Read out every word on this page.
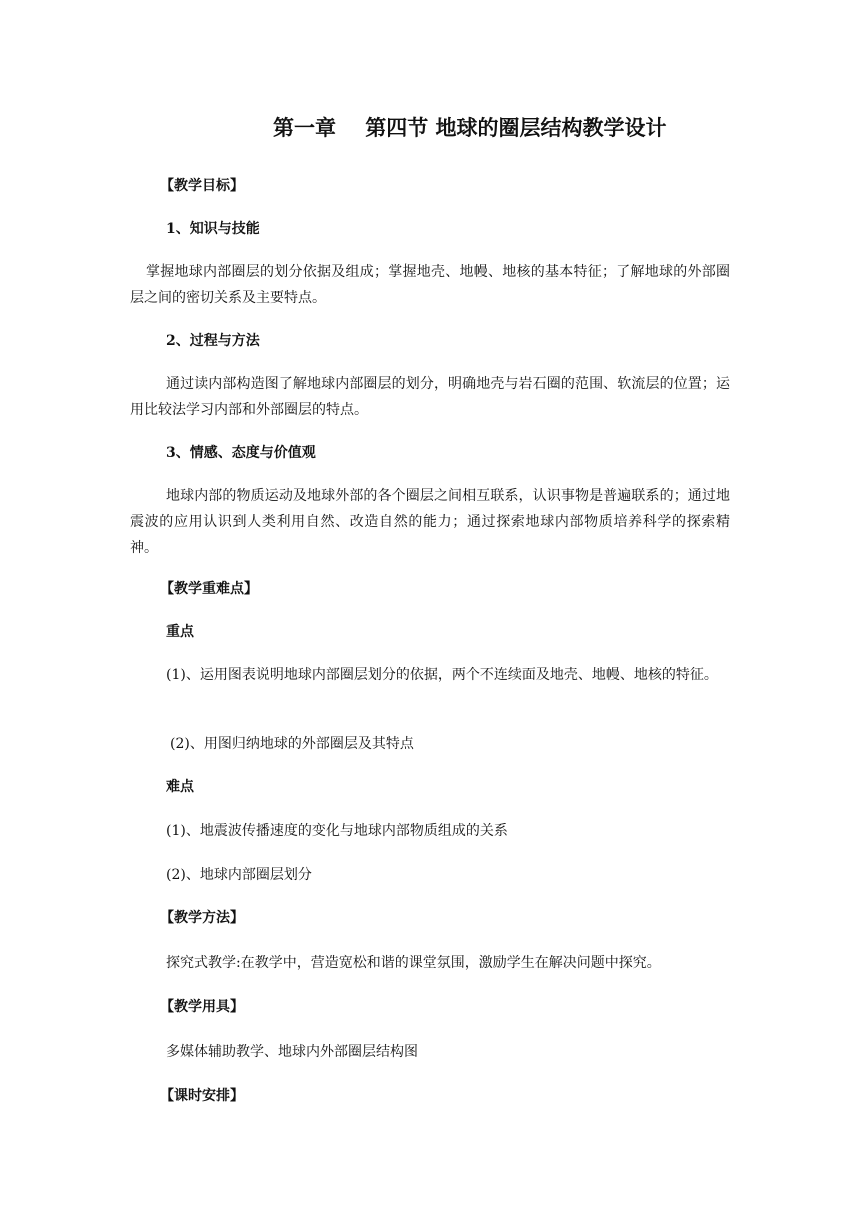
第一章    第四节 地球的圈层结构教学设计
【教学目标】
1、知识与技能
掌握地球内部圈层的划分依据及组成；掌握地壳、地幔、地核的基本特征；了解地球的外部圈层之间的密切关系及主要特点。
2、过程与方法
通过读内部构造图了解地球内部圈层的划分，明确地壳与岩石圈的范围、软流层的位置；运用比较法学习内部和外部圈层的特点。
3、情感、态度与价值观
地球内部的物质运动及地球外部的各个圈层之间相互联系，认识事物是普遍联系的；通过地震波的应用认识到人类利用自然、改造自然的能力；通过探索地球内部物质培养科学的探索精神。
【教学重难点】
重点
(1)、运用图表说明地球内部圈层划分的依据，两个不连续面及地壳、地幔、地核的特征。
(2)、用图归纳地球的外部圈层及其特点
难点
(1)、地震波传播速度的变化与地球内部物质组成的关系
(2)、地球内部圈层划分
【教学方法】
探究式教学:在教学中，营造宽松和谐的课堂氛围，激励学生在解决问题中探究。
【教学用具】
多媒体辅助教学、地球内外部圈层结构图
【课时安排】
